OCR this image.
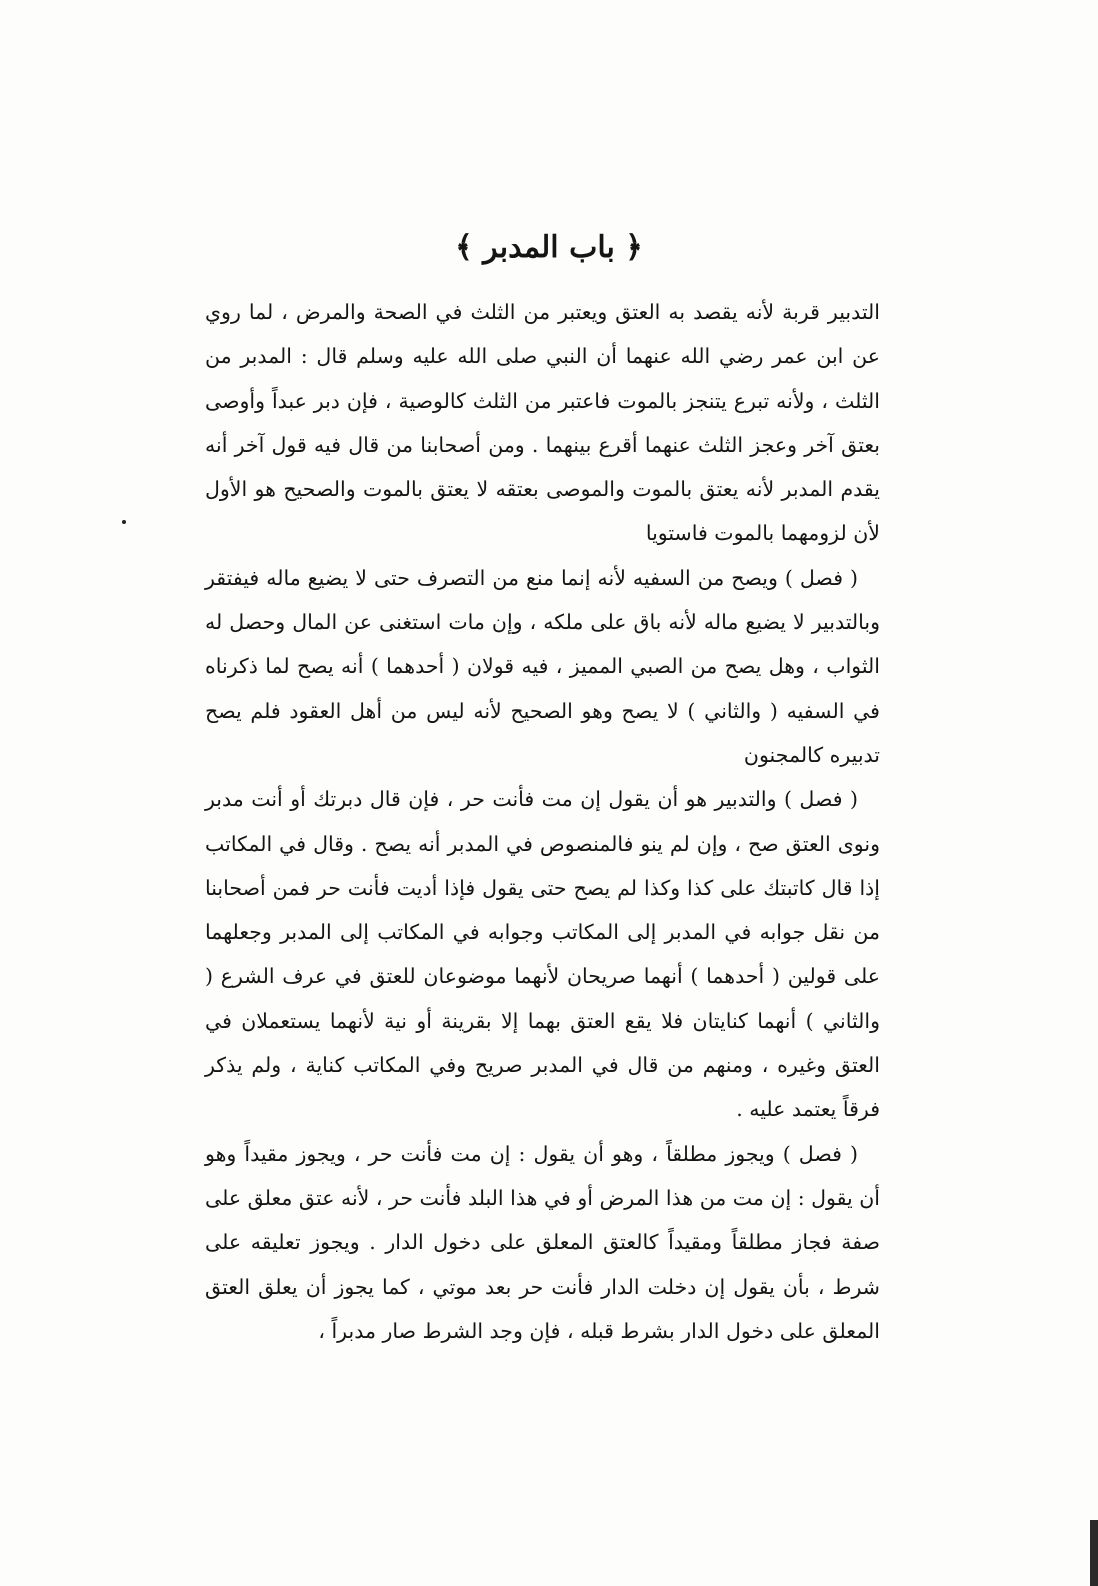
﴿ باب المدبر ﴾

التدبير قربة لأنه يقصد به العتق ويعتبر من الثلث في الصحة والمرض ، لما روي عن ابن عمر رضي الله عنهما أن النبي صلى الله عليه وسلم قال : المدبر من الثلث ، ولأنه تبرع يتنجز بالموت فاعتبر من الثلث كالوصية ، فإن دبر عبداً وأوصى بعتق آخر وعجز الثلث عنهما أقرع بينهما . ومن أصحابنا من قال فيه قول آخر أنه يقدم المدبر لأنه يعتق بالموت والموصى بعتقه لا يعتق بالموت والصحيح هو الأول لأن لزومهما بالموت فاستويا

( فصل ) ويصح من السفيه لأنه إنما منع من التصرف حتى لا يضيع ماله فيفتقر وبالتدبير لا يضيع ماله لأنه باق على ملكه ، وإن مات استغنى عن المال وحصل له الثواب ، وهل يصح من الصبي المميز ، فيه قولان ( أحدهما ) أنه يصح لما ذكرناه في السفيه ( والثاني ) لا يصح وهو الصحيح لأنه ليس من أهل العقود فلم يصح تدبيره كالمجنون

( فصل ) والتدبير هو أن يقول إن مت فأنت حر ، فإن قال دبرتك أو أنت مدبر ونوى العتق صح ، وإن لم ينو فالمنصوص في المدبر أنه يصح . وقال في المكاتب إذا قال كاتبتك على كذا وكذا لم يصح حتى يقول فإذا أديت فأنت حر فمن أصحابنا من نقل جوابه في المدبر إلى المكاتب وجوابه في المكاتب إلى المدبر وجعلهما على قولين ( أحدهما ) أنهما صريحان لأنهما موضوعان للعتق في عرف الشرع ( والثاني ) أنهما كنايتان فلا يقع العتق بهما إلا بقرينة أو نية لأنهما يستعملان في العتق وغيره ، ومنهم من قال في المدبر صريح وفي المكاتب كناية ، ولم يذكر فرقاً يعتمد عليه .

( فصل ) ويجوز مطلقاً ، وهو أن يقول : إن مت فأنت حر ، ويجوز مقيداً وهو أن يقول : إن مت من هذا المرض أو في هذا البلد فأنت حر ، لأنه عتق معلق على صفة فجاز مطلقاً ومقيداً كالعتق المعلق على دخول الدار . ويجوز تعليقه على شرط ، بأن يقول إن دخلت الدار فأنت حر بعد موتي ، كما يجوز أن يعلق العتق المعلق على دخول الدار بشرط قبله ، فإن وجد الشرط صار مدبراً ،
